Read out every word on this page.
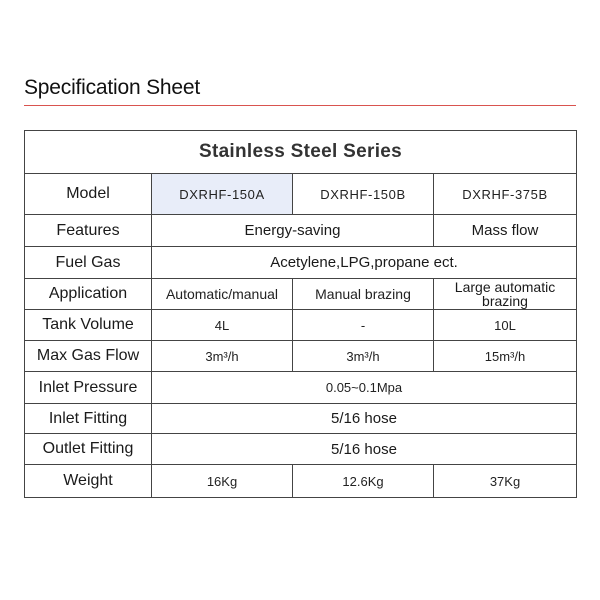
Specification Sheet
Stainless Steel Series			
Model	DXRHF-150A	DXRHF-150B	DXRHF-375B
Features	Energy-saving		Mass flow
Fuel Gas	Acetylene,LPG,propane ect.		
Application	Automatic/manual	Manual brazing	Large automatic brazing
Tank Volume	4L	-	10L
Max Gas Flow	3m³/h	3m³/h	15m³/h
Inlet Pressure	0.05~0.1Mpa		
Inlet Fitting	5/16 hose		
Outlet Fitting	5/16 hose		
Weight	16Kg	12.6Kg	37Kg
